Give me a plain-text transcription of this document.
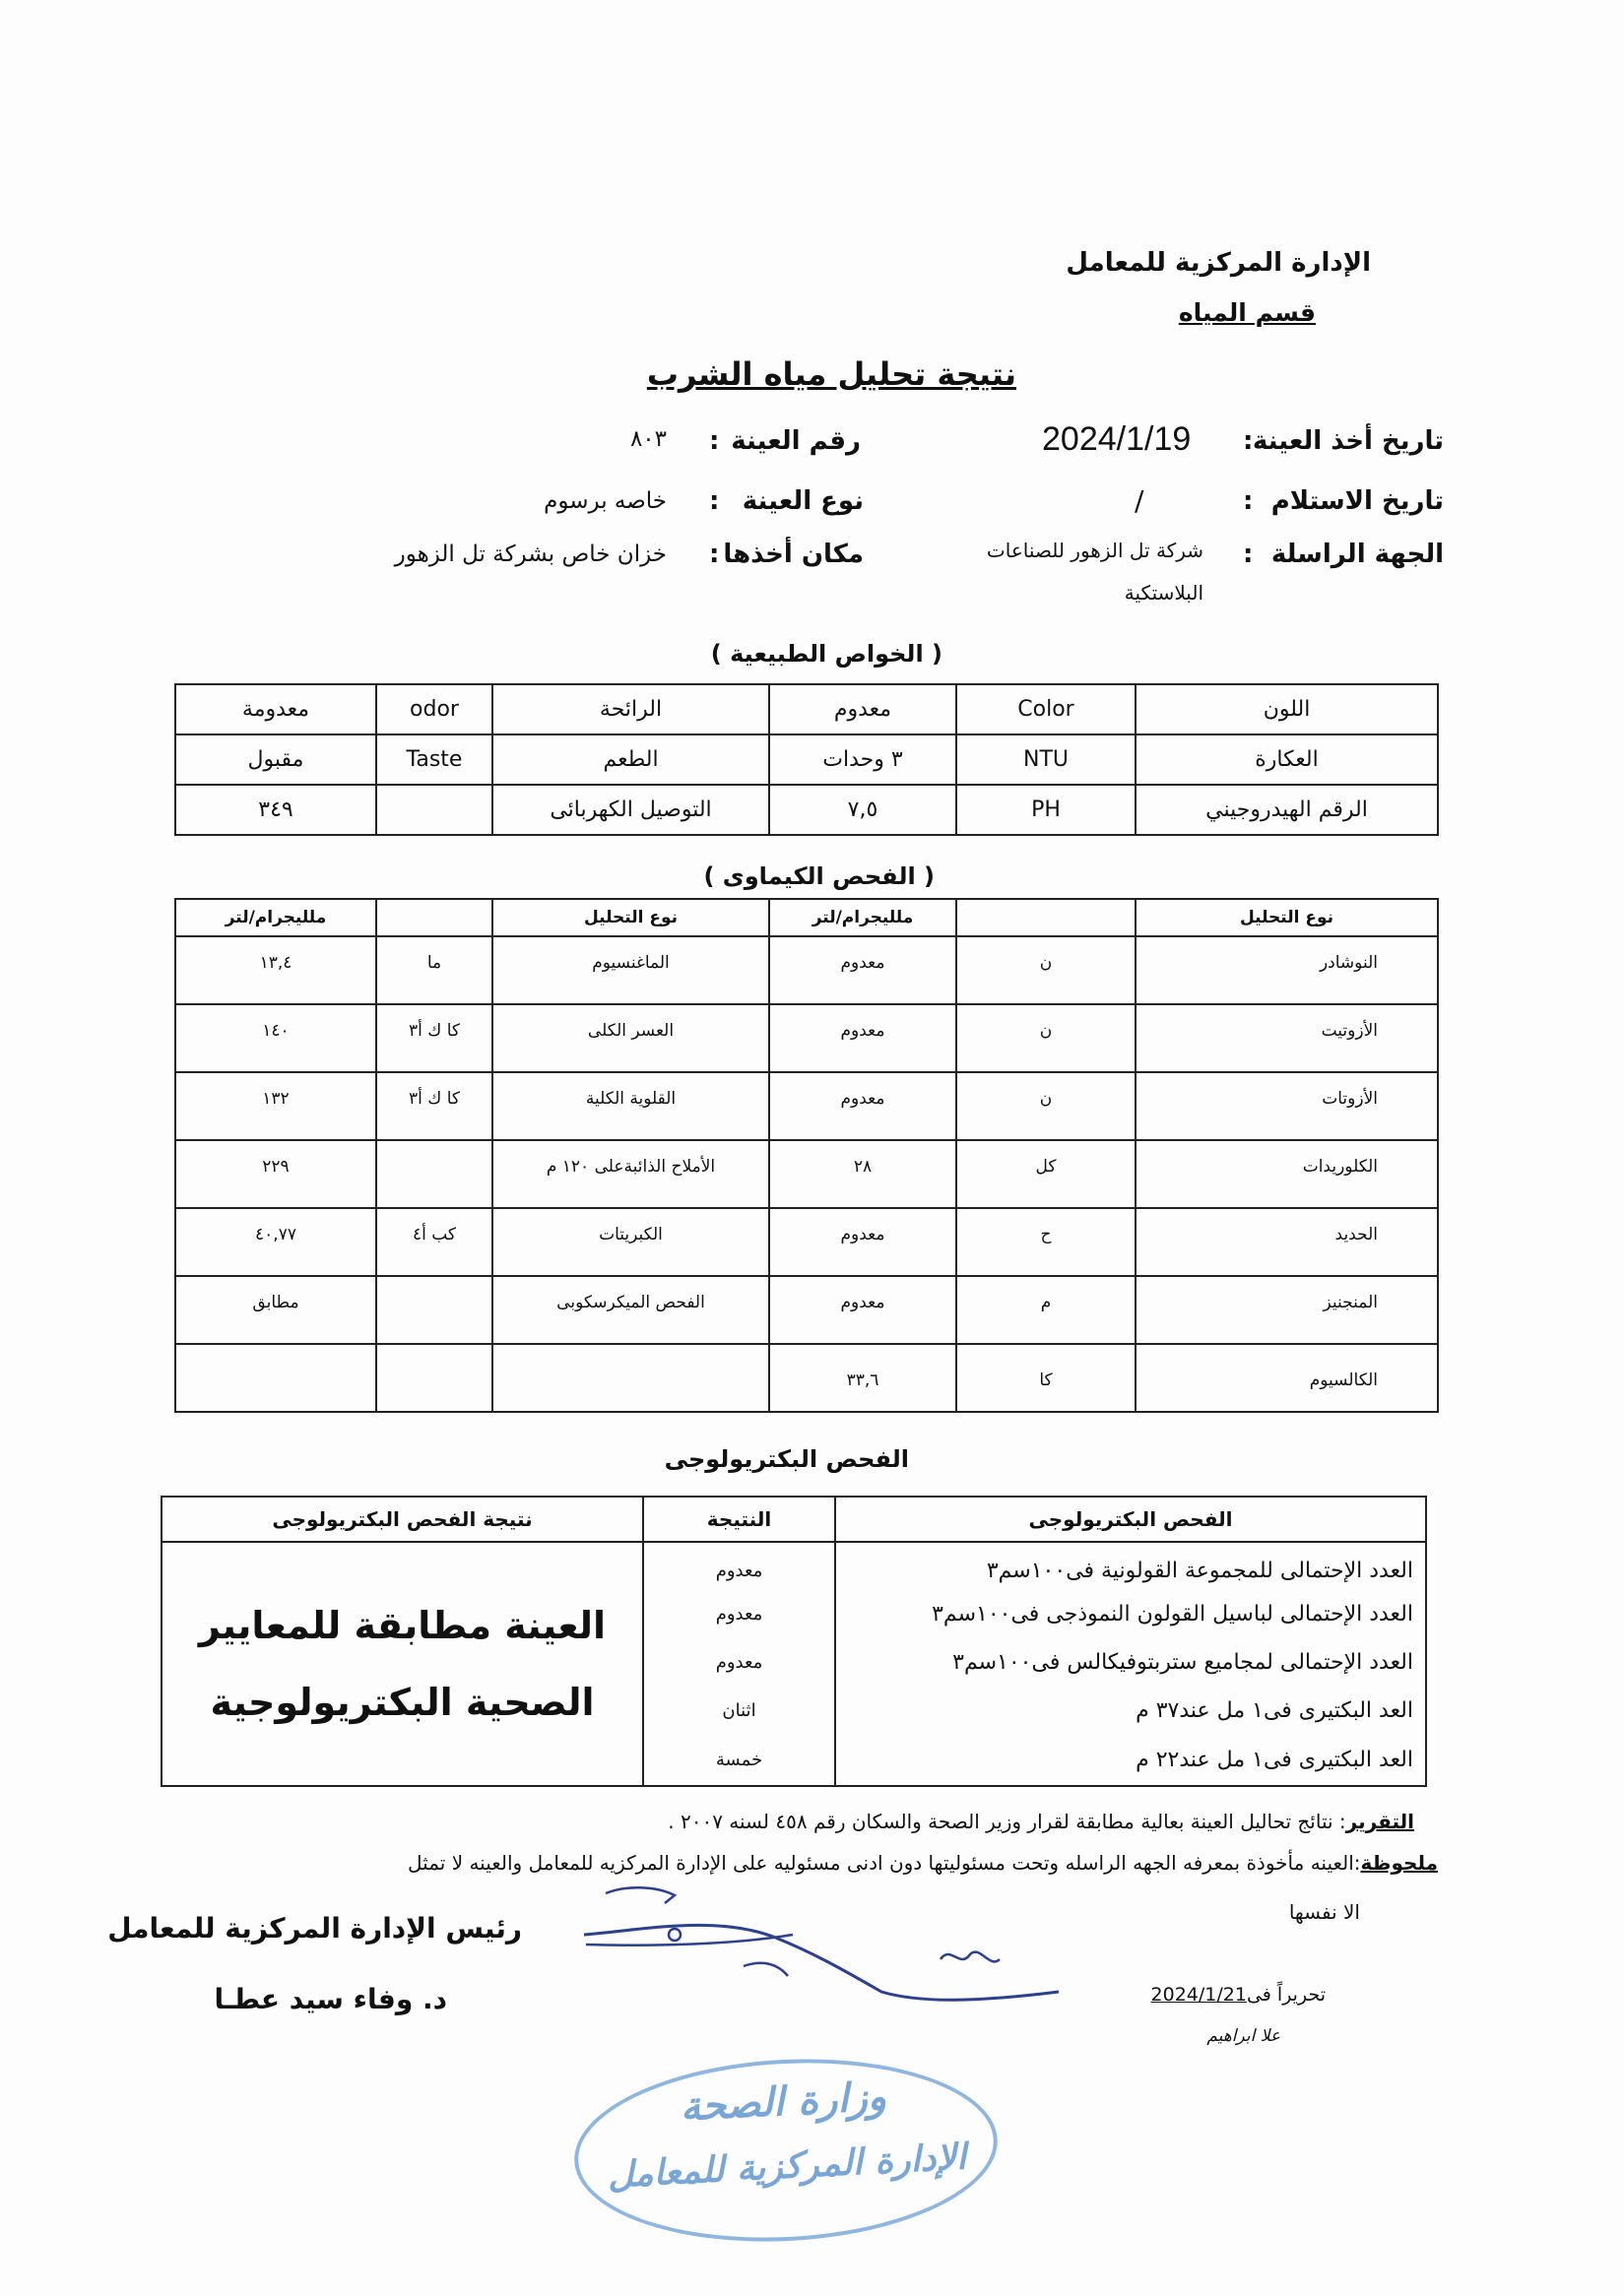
الإدارة المركزية للمعامل
قسم المياه
نتيجة تحليل مياه الشرب
تاريخ أخذ العينة
:
2024/1/19
تاريخ الاستلام
:
/
الجهة الراسلة
:
شركة تل الزهور للصناعات
البلاستكية
رقم العينة
:
٨٠٣
نوع العينة
:
خاصه برسوم
مكان أخذها
:
خزان خاص بشركة تل الزهور
( الخواص الطبيعية )
اللون	Color	معدوم	الرائحة	odor	معدومة
العكارة	NTU	٣ وحدات	الطعم	Taste	مقبول
الرقم الهيدروجيني	PH	٧,٥	التوصيل الكهربائى		٣٤٩
( الفحص الكيماوى )
نوع التحليل		ملليجرام/لتر	نوع التحليل		ملليجرام/لتر
النوشادر	ن	معدوم	الماغنسيوم	ما	١٣,٤
الأزوتيت	ن	معدوم	العسر الكلى	كا ك أ٣	١٤٠
الأزوتات	ن	معدوم	القلوية الكلية	كا ك أ٣	١٣٢
الكلوريدات	كل	٢٨	الأملاح الذائبةعلى ١٢٠ م		٢٢٩
الحديد	ح	معدوم	الكبريتات	كب أ٤	٤٠,٧٧
المنجنيز	م	معدوم	الفحص الميكرسكوبى		مطابق
الكالسيوم	كا	٣٣,٦			
الفحص البكتريولوجى
الفحص البكتريولوجى	النتيجة	نتيجة الفحص البكتريولوجى
العدد الإحتمالى للمجموعة القولونية فى١٠٠سم٣	معدوم	العينة مطابقة للمعايير
الصحية البكتريولوجية

العدد الإحتمالى لباسيل القولون النموذجى فى١٠٠سم٣	معدوم	
العدد الإحتمالى لمجاميع ستربتوفيكالس فى١٠٠سم٣	معدوم	
العد البكتيرى فى١ مل عند٣٧ م	اثنان	
العد البكتيرى فى١ مل عند٢٢ م	خمسة	
التقرير: نتائج تحاليل العينة بعالية مطابقة لقرار وزير الصحة والسكان رقم ٤٥٨ لسنه ٢٠٠٧ .
ملحوظة:العينه مأخوذة بمعرفه الجهه الراسله وتحت مسئوليتها دون ادنى مسئوليه على الإدارة المركزيه للمعامل والعينه لا تمثل
الا نفسها
رئيس الإدارة المركزية للمعامل
د. وفاء سيد عطـا	تحريراً فى2024/1/21
علا ابراهيم
وزارة الصحة
الإدارة المركزية للمعامل
